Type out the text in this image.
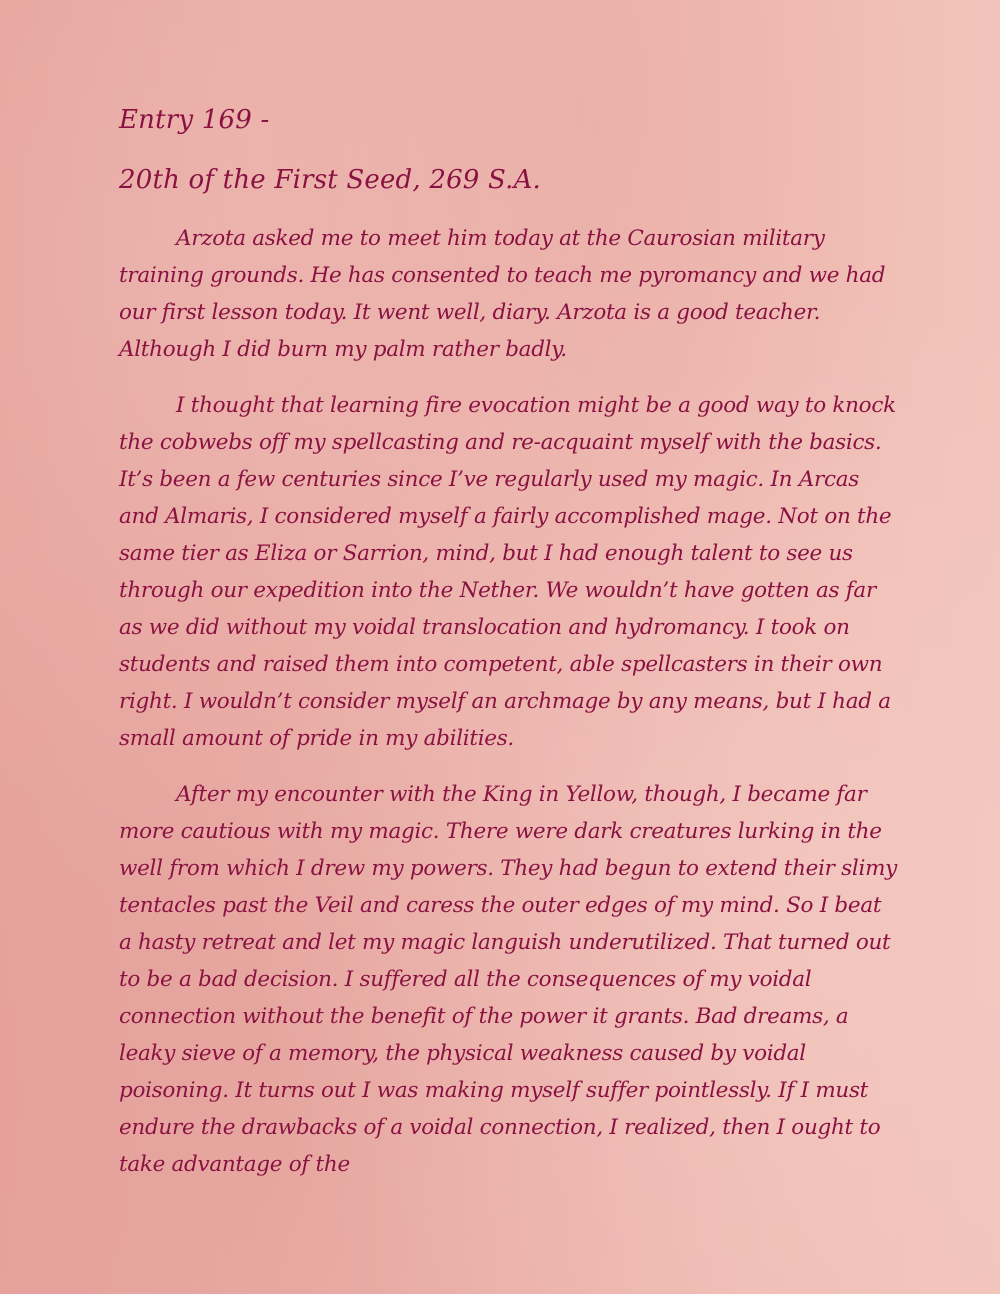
Entry 169 -
20th of the First Seed, 269 S.A.

Arzota asked me to meet him today at the Caurosian military training grounds. He has consented to teach me pyromancy and we had our first lesson today. It went well, diary. Arzota is a good teacher. Although I did burn my palm rather badly.

I thought that learning fire evocation might be a good way to knock the cobwebs off my spellcasting and re-acquaint myself with the basics. It’s been a few centuries since I’ve regularly used my magic. In Arcas and Almaris, I considered myself a fairly accomplished mage. Not on the same tier as Eliza or Sarrion, mind, but I had enough talent to see us through our expedition into the Nether. We wouldn’t have gotten as far as we did without my voidal translocation and hydromancy. I took on students and raised them into competent, able spellcasters in their own right. I wouldn’t consider myself an archmage by any means, but I had a small amount of pride in my abilities.

After my encounter with the King in Yellow, though, I became far more cautious with my magic. There were dark creatures lurking in the well from which I drew my powers. They had begun to extend their slimy tentacles past the Veil and caress the outer edges of my mind. So I beat a hasty retreat and let my magic languish underutilized. That turned out to be a bad decision. I suffered all the consequences of my voidal connection without the benefit of the power it grants. Bad dreams, a leaky sieve of a memory, the physical weakness caused by voidal poisoning. It turns out I was making myself suffer pointlessly. If I must endure the drawbacks of a voidal connection, I realized, then I ought to take advantage of the
